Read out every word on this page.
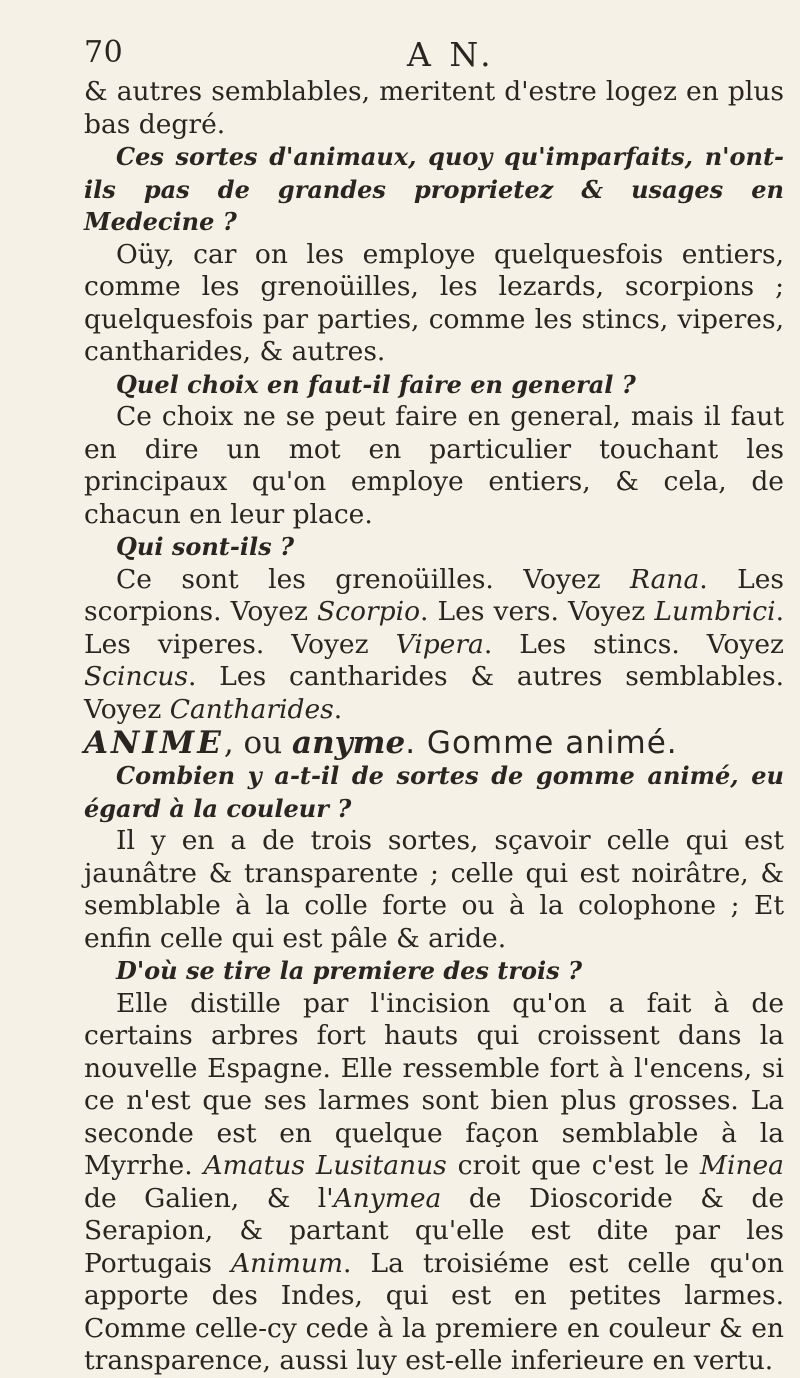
70	A N.

& autres semblables, meritent d'estre logez en plus bas degré.

Ces sortes d'animaux, quoy qu'imparfaits, n'ont-ils pas de grandes proprietez & usages en Medecine ?

Oüy, car on les employe quelquesfois entiers, comme les grenoüilles, les lezards, scorpions ; quelquesfois par parties, comme les stincs, viperes, cantharides, & autres.

Quel choix en faut-il faire en general ?

Ce choix ne se peut faire en general, mais il faut en dire un mot en particulier touchant les principaux qu'on employe entiers, & cela, de chacun en leur place.

Qui sont-ils ?

Ce sont les grenoüilles. Voyez Rana. Les scorpions. Voyez Scorpio. Les vers. Voyez Lumbrici. Les viperes. Voyez Vipera. Les stincs. Voyez Scincus. Les cantharides & autres semblables. Voyez Cantharides.

ANIME, ou anyme. Gomme animé.

Combien y a-t-il de sortes de gomme animé, eu égard à la couleur ?

Il y en a de trois sortes, sçavoir celle qui est jaunâtre & transparente ; celle qui est noirâtre, & semblable à la colle forte ou à la colophone ; Et enfin celle qui est pâle & aride.

D'où se tire la premiere des trois ?

Elle distille par l'incision qu'on a fait à de certains arbres fort hauts qui croissent dans la nouvelle Espagne. Elle ressemble fort à l'encens, si ce n'est que ses larmes sont bien plus grosses. La seconde est en quelque façon semblable à la Myrrhe. Amatus Lusitanus croit que c'est le Minea de Galien, & l'Anymea de Dioscoride & de Serapion, & partant qu'elle est dite par les Portugais Animum. La troisiéme est celle qu'on apporte des Indes, qui est en petites larmes. Comme celle-cy cede à la premiere en couleur & en transparence, aussi luy est-elle inferieure en vertu.
